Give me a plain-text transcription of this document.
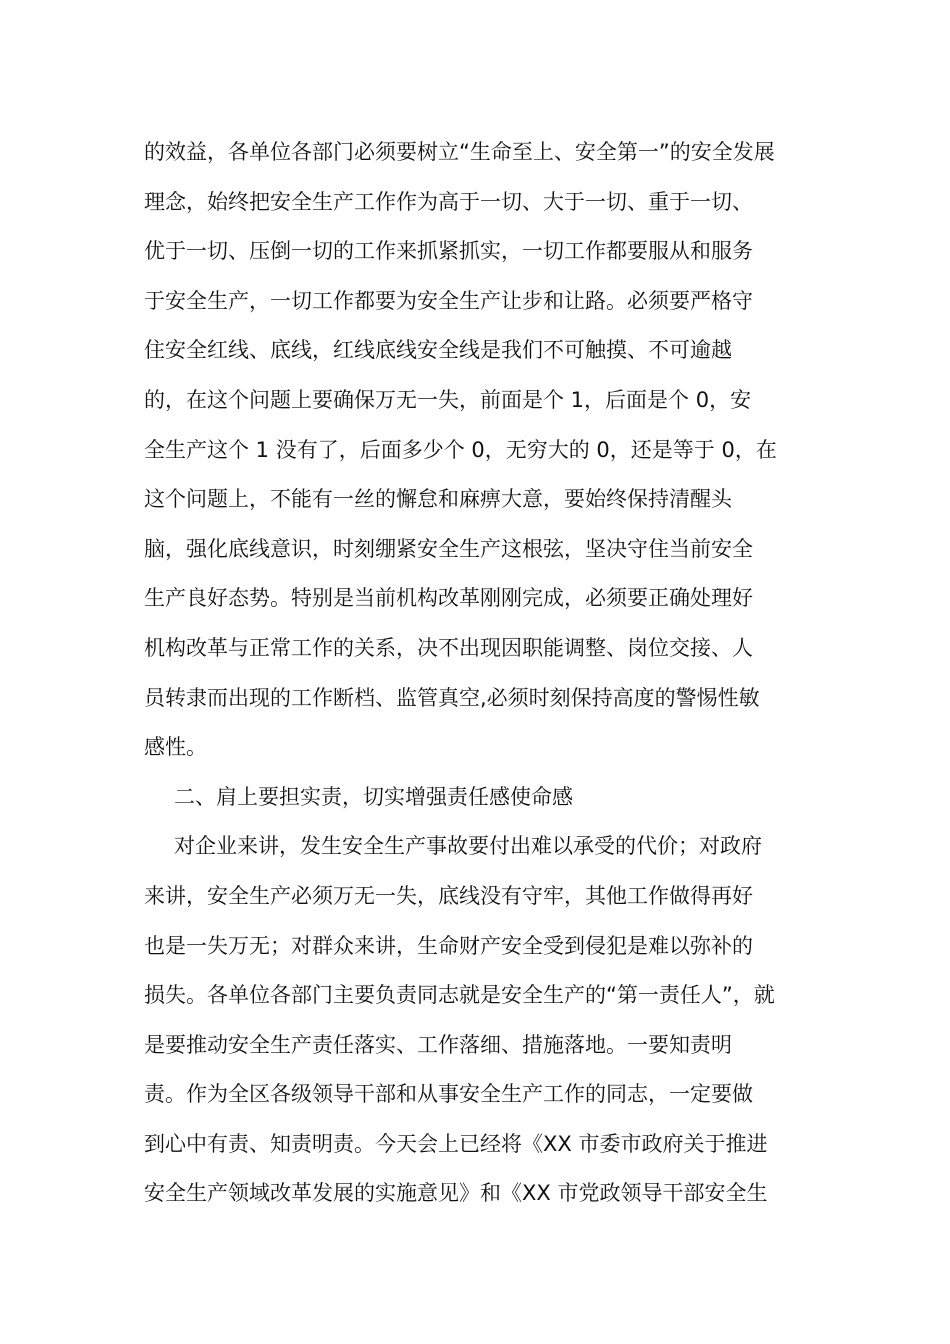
的效益，各单位各部门必须要树立“生命至上、安全第一”的安全发展
理念，始终把安全生产工作作为高于一切、大于一切、重于一切、
优于一切、压倒一切的工作来抓紧抓实，一切工作都要服从和服务
于安全生产，一切工作都要为安全生产让步和让路。必须要严格守
住安全红线、底线，红线底线安全线是我们不可触摸、不可逾越
的，在这个问题上要确保万无一失，前面是个 1，后面是个 0，安
全生产这个 1 没有了，后面多少个 0，无穷大的 0，还是等于 0，在
这个问题上，不能有一丝的懈怠和麻痹大意，要始终保持清醒头
脑，强化底线意识，时刻绷紧安全生产这根弦，坚决守住当前安全
生产良好态势。特别是当前机构改革刚刚完成，必须要正确处理好
机构改革与正常工作的关系，决不出现因职能调整、岗位交接、人
员转隶而出现的工作断档、监管真空,必须时刻保持高度的警惕性敏
感性。
二、肩上要担实责，切实增强责任感使命感
对企业来讲，发生安全生产事故要付出难以承受的代价；对政府
来讲，安全生产必须万无一失，底线没有守牢，其他工作做得再好
也是一失万无；对群众来讲，生命财产安全受到侵犯是难以弥补的
损失。各单位各部门主要负责同志就是安全生产的“第一责任人”，就
是要推动安全生产责任落实、工作落细、措施落地。一要知责明
责。作为全区各级领导干部和从事安全生产工作的同志，一定要做
到心中有责、知责明责。今天会上已经将《XX 市委市政府关于推进
安全生产领域改革发展的实施意见》和《XX 市党政领导干部安全生
